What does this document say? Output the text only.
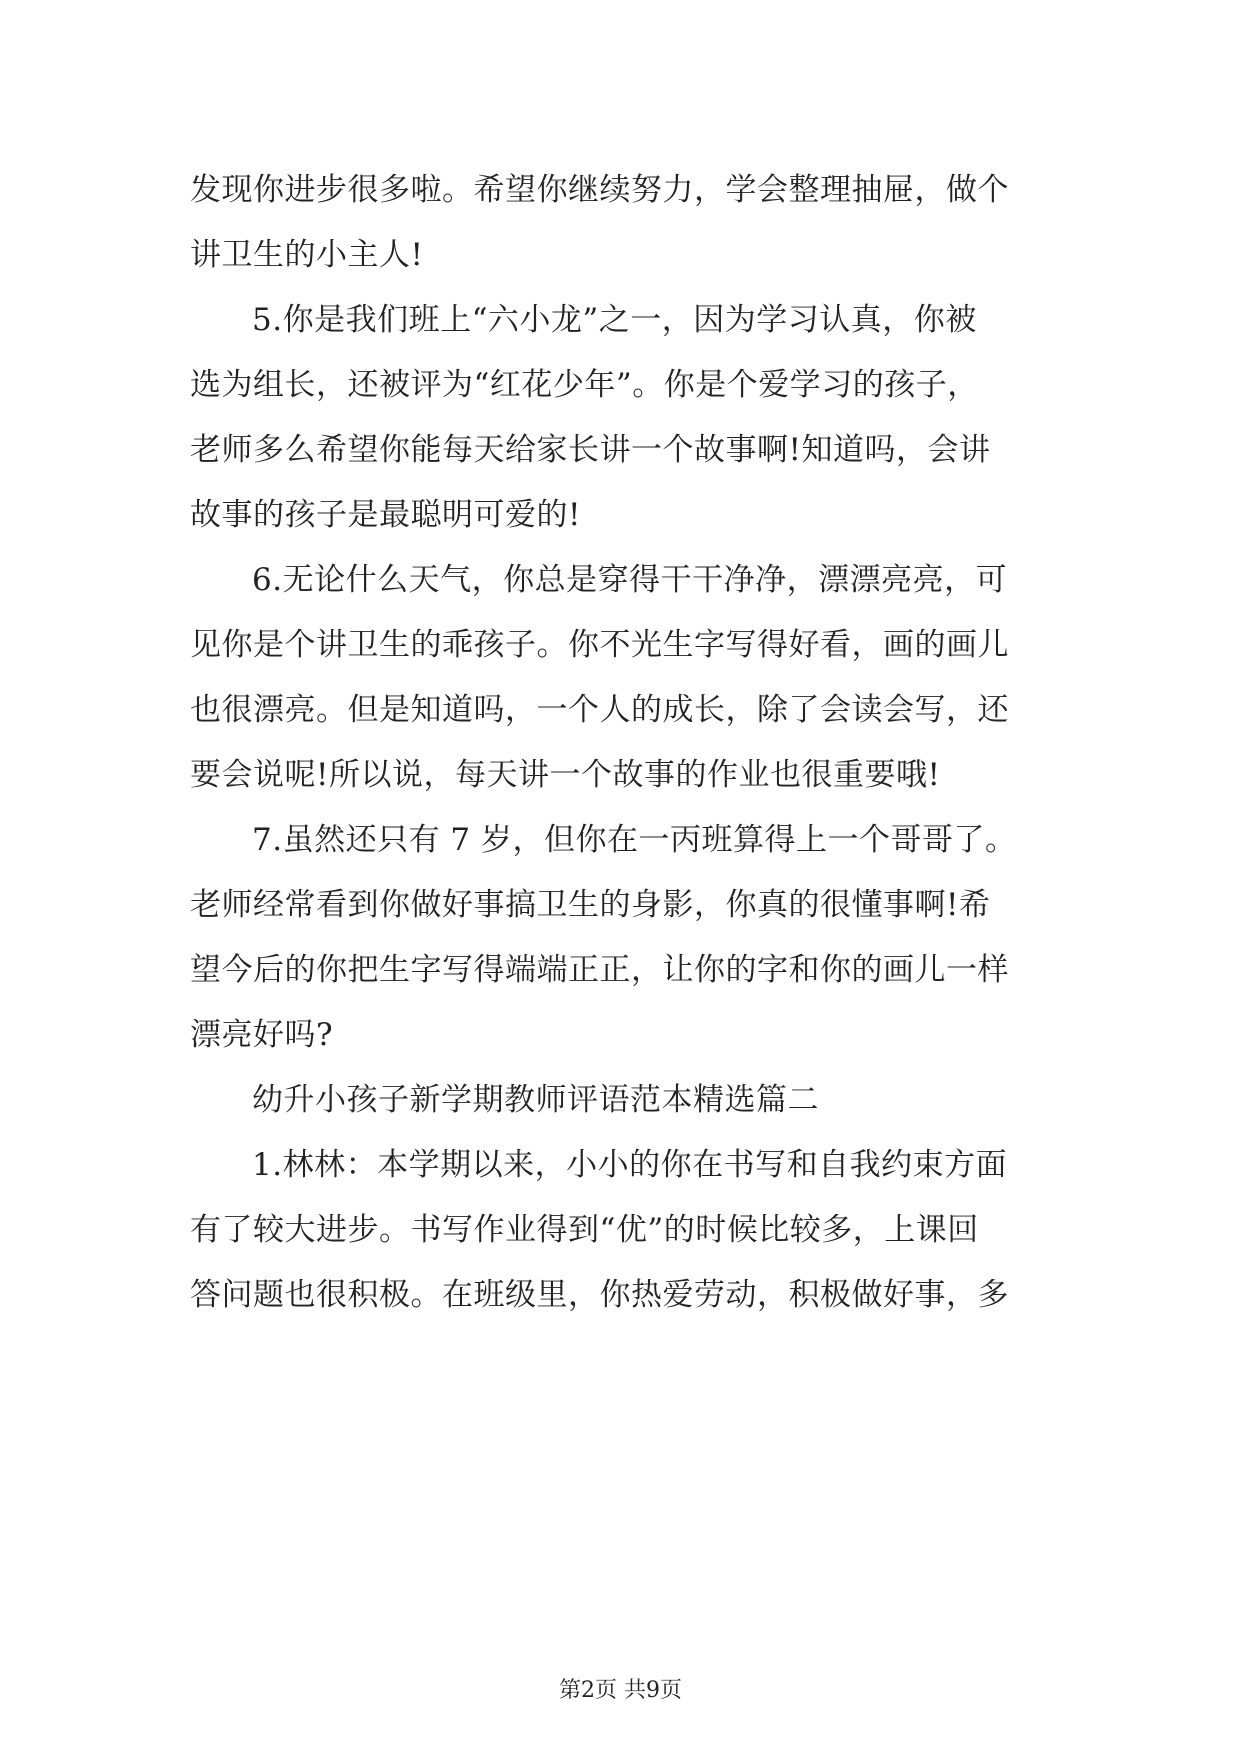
发现你进步很多啦。希望你继续努力，学会整理抽屉，做个
讲卫生的小主人!
5.你是我们班上“六小龙”之一，因为学习认真，你被
选为组长，还被评为“红花少年”。你是个爱学习的孩子，
老师多么希望你能每天给家长讲一个故事啊!知道吗，会讲
故事的孩子是最聪明可爱的!
6.无论什么天气，你总是穿得干干净净，漂漂亮亮，可
见你是个讲卫生的乖孩子。你不光生字写得好看，画的画儿
也很漂亮。但是知道吗，一个人的成长，除了会读会写，还
要会说呢!所以说，每天讲一个故事的作业也很重要哦!
7.虽然还只有 7 岁，但你在一丙班算得上一个哥哥了。
老师经常看到你做好事搞卫生的身影，你真的很懂事啊!希
望今后的你把生字写得端端正正，让你的字和你的画儿一样
漂亮好吗?
幼升小孩子新学期教师评语范本精选篇二
1.林林：本学期以来，小小的你在书写和自我约束方面
有了较大进步。书写作业得到“优”的时候比较多，上课回
答问题也很积极。在班级里，你热爱劳动，积极做好事，多
第2页 共9页
